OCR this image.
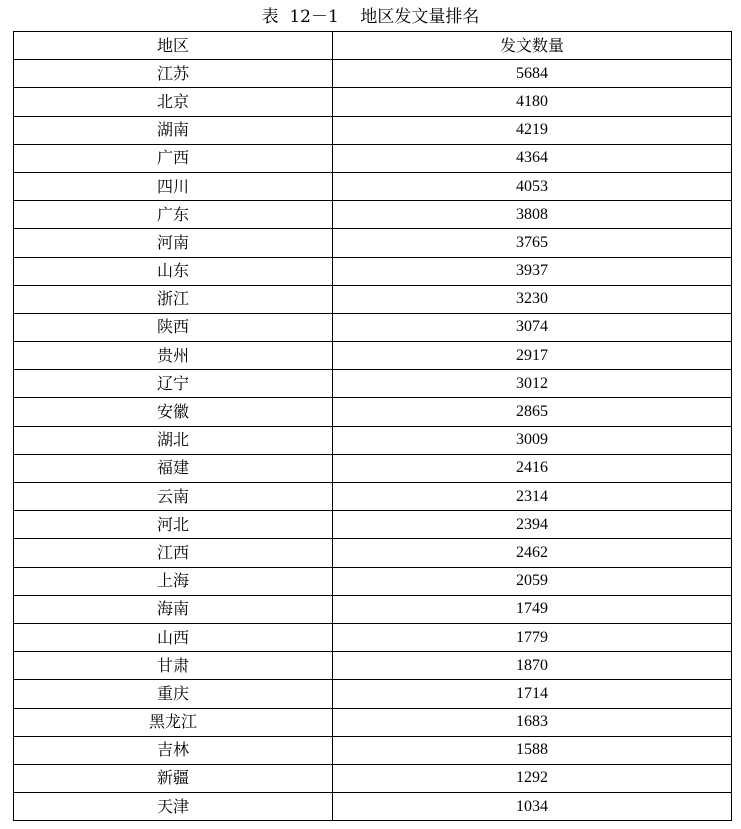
表  12－1    地区发文量排名
地区	发文数量
江苏	5684
北京	4180
湖南	4219
广西	4364
四川	4053
广东	3808
河南	3765
山东	3937
浙江	3230
陕西	3074
贵州	2917
辽宁	3012
安徽	2865
湖北	3009
福建	2416
云南	2314
河北	2394
江西	2462
上海	2059
海南	1749
山西	1779
甘肃	1870
重庆	1714
黑龙江	1683
吉林	1588
新疆	1292
天津	1034
